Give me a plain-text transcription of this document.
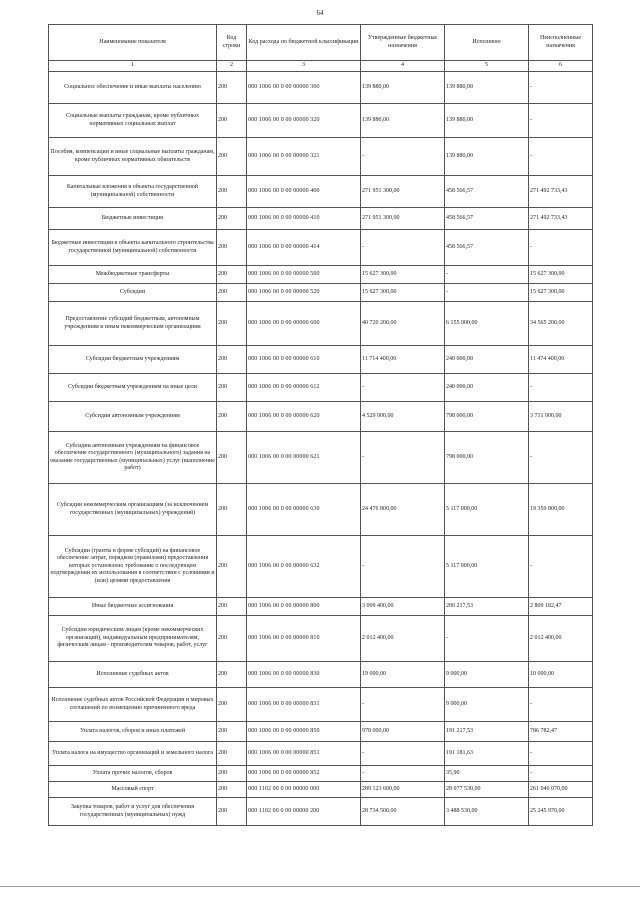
64
Наименование показателя	Код строки	Код расхода по бюджетной классификации	Утвержденные бюджетные назначения	Исполнено	Неисполненные назначения
1	2	3	4	5	6
Социальное обеспечение и иные выплаты населению	200	000 1006 00 0 00 00000 300	139 880,00	139 880,00	-
Социальные выплаты гражданам, кроме публичных нормативных социальных выплат	200	000 1006 00 0 00 00000 320	139 880,00	139 880,00	-
Пособия, компенсации и иные социальные выплаты гражданам, кроме публичных нормативных обязательств	200	000 1006 00 0 00 00000 321	-	139 880,00	-
Капитальные вложения в объекты государственной (муниципальной) собственности	200	000 1006 00 0 00 00000 400	271 951 300,00	458 566,57	271 492 733,43
Бюджетные инвестиции	200	000 1006 00 0 00 00000 410	271 951 300,00	458 566,57	271 492 733,43
Бюджетные инвестиции в объекты капитального строительства государственной (муниципальной) собственности	200	000 1006 00 0 00 00000 414	-	458 566,57	-
Межбюджетные трансферты	200	000 1006 00 0 00 00000 500	15 627 300,00	-	15 627 300,00
Субсидии	200	000 1006 00 0 00 00000 520	15 627 300,00	-	15 627 300,00
Предоставление субсидий бюджетным, автономным учреждениям и иным некоммерческим организациям	200	000 1006 00 0 00 00000 600	40 720 200,00	6 155 000,00	34 565 200,00
Субсидии бюджетным учреждениям	200	000 1006 00 0 00 00000 610	11 714 400,00	240 000,00	11 474 400,00
Субсидии бюджетным учреждениям на иные цели	200	000 1006 00 0 00 00000 612	-	240 000,00	-
Субсидии автономным учреждениям	200	000 1006 00 0 00 00000 620	4 529 000,00	798 000,00	3 731 000,00
Субсидии автономным учреждениям на финансовое обеспечение государственного (муниципального) задания на оказание государственных (муниципальных) услуг (выполнение работ)	200	000 1006 00 0 00 00000 621	-	798 000,00	-
Субсидии некоммерческим организациям (за исключением государственных (муниципальных) учреждений)	200	000 1006 00 0 00 00000 630	24 476 800,00	5 117 000,00	19 359 800,00
Субсидии (гранты в форме субсидий) на финансовое обеспечение затрат, порядком (правилами) предоставления которых установлено требование о последующем подтверждении их использования в соответствии с условиями и (или) целями предоставления	200	000 1006 00 0 00 00000 632	-	5 117 000,00	-
Иные бюджетные ассигнования	200	000 1006 00 0 00 00000 800	3 009 400,00	200 217,53	2 809 182,47
Субсидии юридическим лицам (кроме некоммерческих организаций), индивидуальным предпринимателям, физическим лицам - производителям товаров, работ, услуг	200	000 1006 00 0 00 00000 810	2 012 400,00	-	2 012 400,00
Исполнение судебных актов	200	000 1006 00 0 00 00000 830	19 000,00	9 000,00	10 000,00
Исполнение судебных актов Российской Федерации и мировых соглашений по возмещению причиненного вреда	200	000 1006 00 0 00 00000 831	-	9 000,00	-
Уплата налогов, сборов и иных платежей	200	000 1006 00 0 00 00000 850	978 000,00	191 217,53	786 782,47
Уплата налога на имущество организаций и земельного налога	200	000 1006 00 0 00 00000 851	-	191 181,63	-
Уплата прочих налогов, сборов	200	000 1006 00 0 00 00000 852	-	35,90	-
Массовый спорт	200	000 1102 00 0 00 00000 000	289 123 600,00	28 077 530,00	261 046 070,00
Закупка товаров, работ и услуг для обеспечения государственных (муниципальных) нужд	200	000 1102 00 0 00 00000 200	28 734 500,00	3 488 530,00	25 245 970,00
